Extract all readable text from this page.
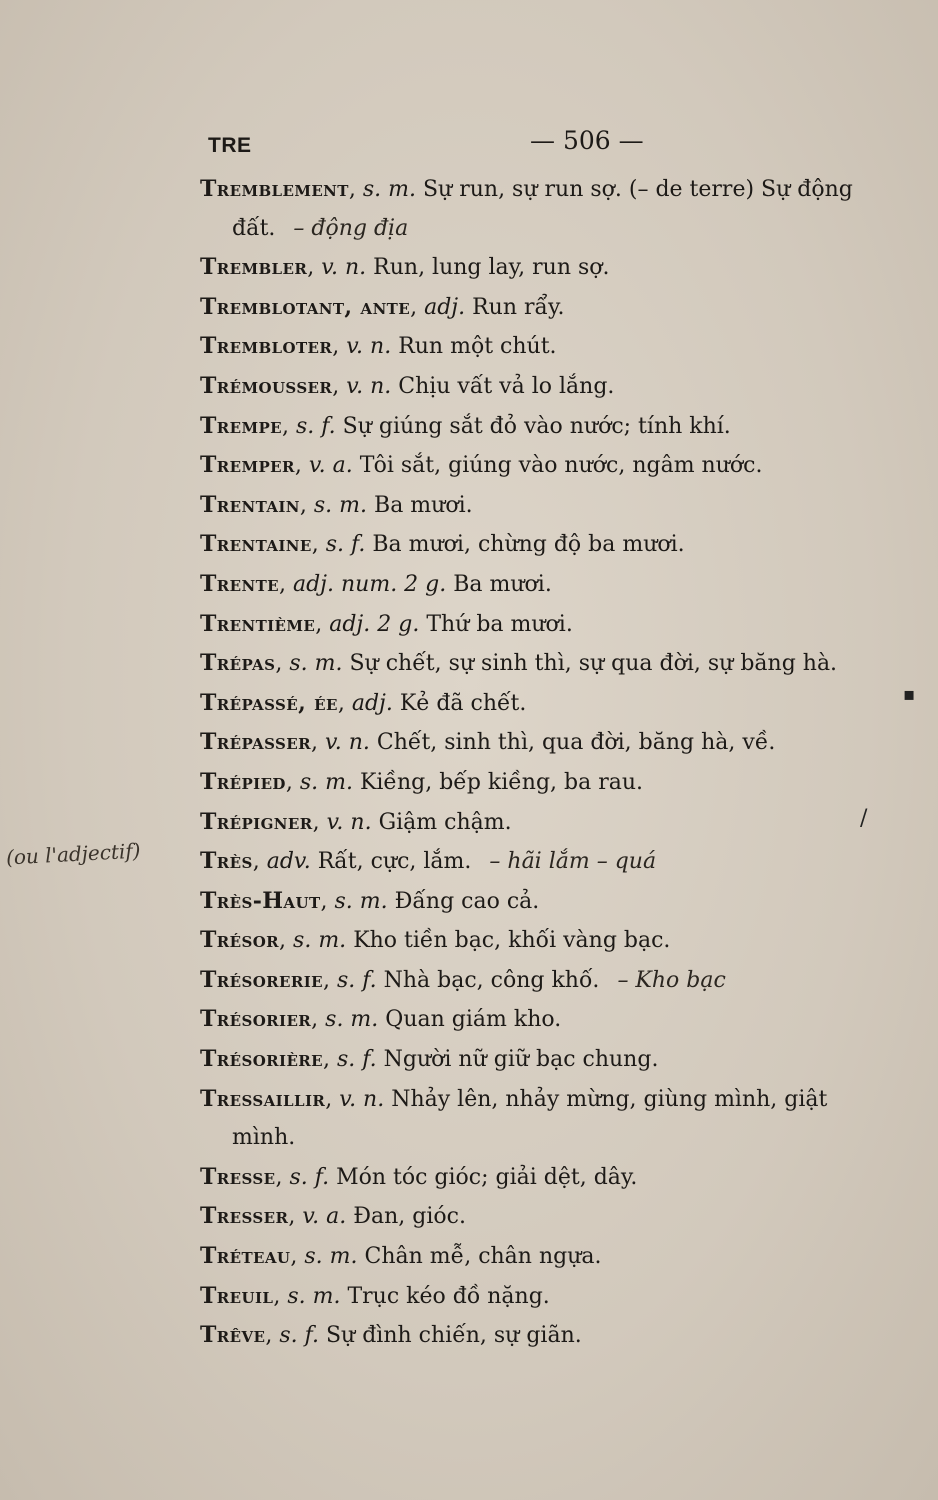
TRE	— 506 —
(ou l'adjectif)
Tremblement, s. m. Sự run, sự run sợ. (– de terre) Sự động
đất. – động địa
Trembler, v. n. Run, lung lay, run sợ.
Tremblotant, ante, adj. Run rẩy.
Trembloter, v. n. Run một chút.
Trémousser, v. n. Chịu vất vả lo lắng.
Trempe, s. f. Sự giúng sắt đỏ vào nước; tính khí.
Tremper, v. a. Tôi sắt, giúng vào nước, ngâm nước.
Trentain, s. m. Ba mươi.
Trentaine, s. f. Ba mươi, chừng độ ba mươi.
Trente, adj. num. 2 g. Ba mươi.
Trentième, adj. 2 g. Thứ ba mươi.
Trépas, s. m. Sự chết, sự sinh thì, sự qua đời, sự băng hà.
Trépassé, ée, adj. Kẻ đã chết.
Trépasser, v. n. Chết, sinh thì, qua đời, băng hà, về.
Trépied, s. m. Kiềng, bếp kiềng, ba rau.
Trépigner, v. n. Giậm chậm.
Très, adv. Rất, cực, lắm. – hãi lắm – quá
Très-Haut, s. m. Đấng cao cả.
Trésor, s. m. Kho tiền bạc, khối vàng bạc.
Trésorerie, s. f. Nhà bạc, công khố. – Kho bạc
Trésorier, s. m. Quan giám kho.
Trésorière, s. f. Người nữ giữ bạc chung.
Tressaillir, v. n. Nhảy lên, nhảy mừng, giùng mình, giật
mình.
Tresse, s. f. Món tóc gióc; giải dệt, dây.
Tresser, v. a. Đan, gióc.
Tréteau, s. m. Chân mễ, chân ngựa.
Treuil, s. m. Trục kéo đồ nặng.
Trêve, s. f. Sự đình chiến, sự giãn.
▪
/
